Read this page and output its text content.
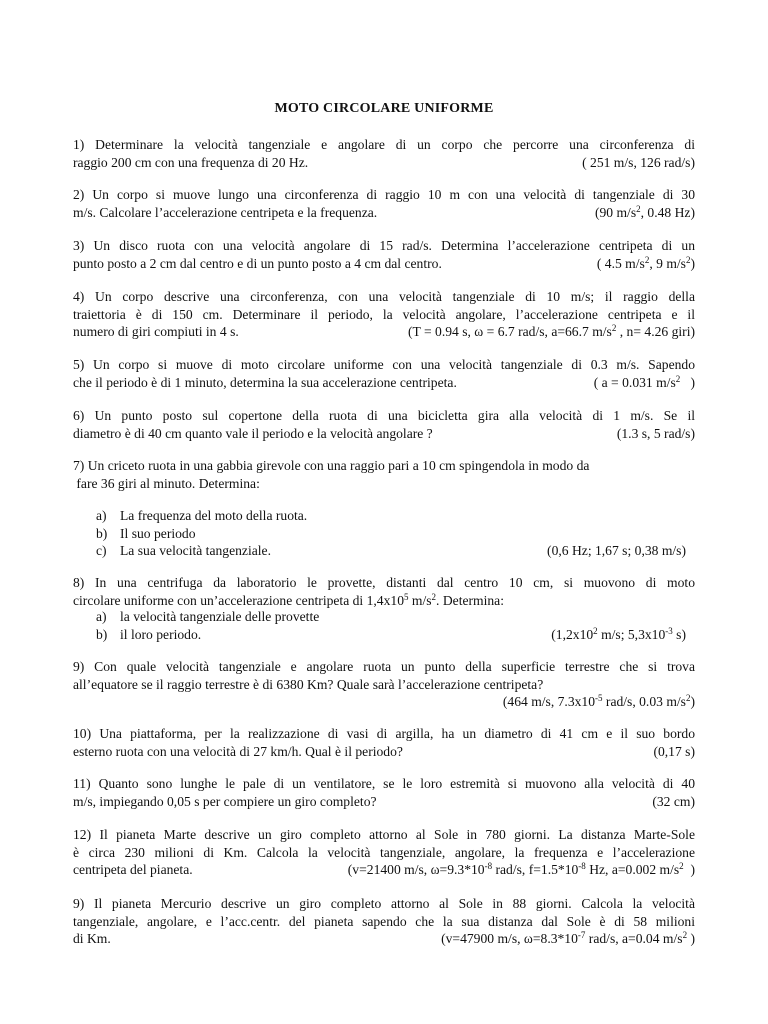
MOTO CIRCOLARE UNIFORME
1) Determinare la velocità tangenziale e angolare di un corpo che percorre una circonferenza di
raggio 200 cm con una frequenza di 20 Hz.	( 251 m/s, 126 rad/s)
2) Un corpo si muove lungo una circonferenza di raggio 10 m con una velocità di tangenziale di 30
m/s. Calcolare l’accelerazione centripeta e la frequenza.	(90 $m/s^2$, 0.48 Hz)
3) Un disco ruota con una velocità angolare di 15 rad/s. Determina l’accelerazione centripeta di un
punto posto a 2 cm dal centro e di un punto posto a 4 cm dal centro.	( 4.5 $m/s^2$, 9 $m/s^2$)
4) Un corpo descrive una circonferenza, con una velocità tangenziale di 10 m/s; il raggio della
traiettoria è di 150 cm. Determinare il periodo, la velocità angolare, l’accelerazione centripeta e il
numero di giri compiuti in 4 s.	(T = 0.94 s, ω = 6.7 rad/s, a=66.7 $m/s^2$ , n= 4.26 giri)
5) Un corpo si muove di moto circolare uniforme con una velocità tangenziale di 0.3 m/s. Sapendo
che il periodo è di 1 minuto, determina la sua accelerazione centripeta.	( a = 0.031 $m/s^2$   )
6) Un punto posto sul copertone della ruota di una bicicletta gira alla velocità di 1 m/s. Se il
diametro è di 40 cm quanto vale il periodo e la velocità angolare ?	(1.3 s, 5 rad/s)
7) Un criceto ruota in una gabbia girevole con una raggio pari a 10 cm spingendola in modo da
fare 36 giri al minuto. Determina:
a) La frequenza del moto della ruota.
b) Il suo periodo
c) La sua velocità tangenziale.	(0,6 Hz; 1,67 s; 0,38 m/s)
8) In una centrifuga da laboratorio le provette, distanti dal centro 10 cm, si muovono di moto
circolare uniforme con un’accelerazione centripeta di $1,4x10^5$ $m/s^2$. Determina:
a) la velocità tangenziale delle provette
b) il loro periodo.	($1,2x10^2$ m/s; $5,3x10^{-3}$ s)
9) Con quale velocità tangenziale e angolare ruota un punto della superficie terrestre che si trova
all’equatore se il raggio terrestre è di 6380 Km? Quale sarà l’accelerazione centripeta?
(464 m/s, $7.3x10^{-5}$ rad/s, 0.03 $m/s^2$)
10) Una piattaforma, per la realizzazione di vasi di argilla, ha un diametro di 41 cm e il suo bordo
esterno ruota con una velocità di 27 km/h. Qual è il periodo?	(0,17 s)
11) Quanto sono lunghe le pale di un ventilatore, se le loro estremità si muovono alla velocità di 40
m/s, impiegando 0,05 s per compiere un giro completo?	(32 cm)
12) Il pianeta Marte descrive un giro completo attorno al Sole in 780 giorni. La distanza Marte-Sole
è circa 230 milioni di Km. Calcola la velocità tangenziale, angolare, la frequenza e l’accelerazione
centripeta del pianeta.	(v=21400 m/s, $\omega=9.3*10^{-8}$ rad/s, $f=1.5*10^{-8}$ Hz, a=0.002 $m/s^2$  )
9) Il pianeta Mercurio descrive un giro completo attorno al Sole in 88 giorni. Calcola la velocità
tangenziale, angolare, e l’acc.centr. del pianeta sapendo che la sua distanza dal Sole è di 58 milioni
di Km.	(v=47900 m/s, $\omega=8.3*10^{-7}$ rad/s, a=0.04 $m/s^2$ )
